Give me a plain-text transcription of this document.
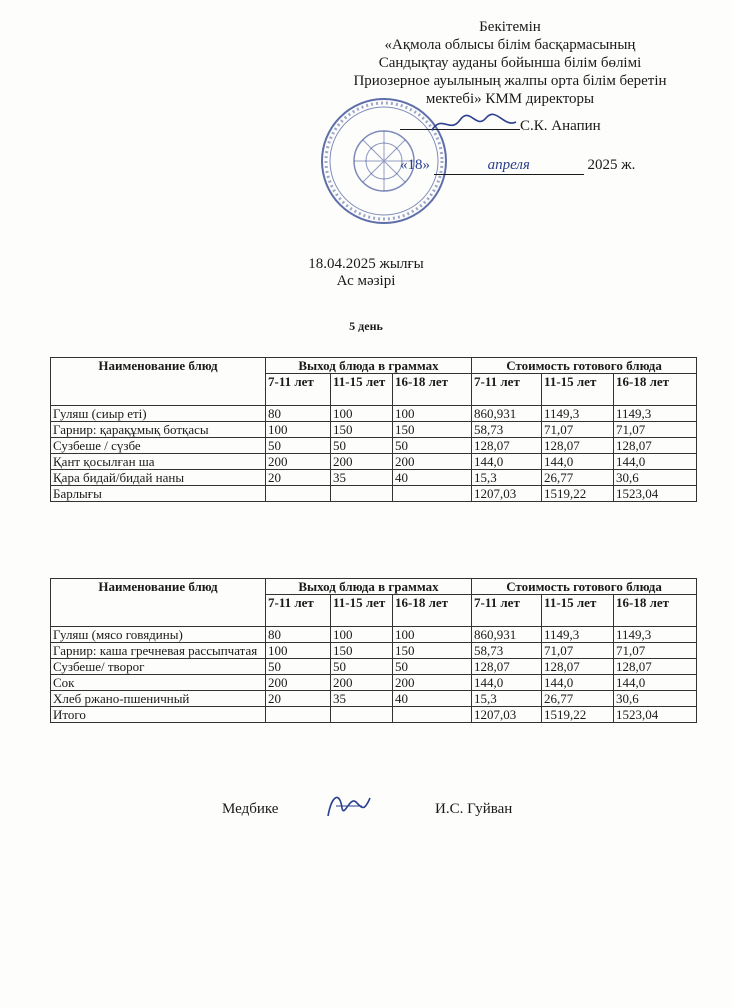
Бекітемін
«Ақмола облысы білім басқармасының
Сандықтау ауданы бойынша білім бөлімі
Приозерное ауылының жалпы орта білім беретін
мектебі» КММ директоры
С.К. Анапин
«18»	апреля	2025 ж.
18.04.2025 жылғы
Ас мәзірі
5 день
Наименование блюд	Выход блюда в граммах			Стоимость готового блюда		
	7-11 лет	11-15 лет	16-18 лет	7-11 лет	11-15 лет	16-18 лет
Гуляш (сиыр еті)	80	100	100	860,931	1149,3	1149,3
Гарнир: қарақұмық ботқасы	100	150	150	58,73	71,07	71,07
Сузбеше / сүзбе	50	50	50	128,07	128,07	128,07
Қант қосылған ша	200	200	200	144,0	144,0	144,0
Қара бидай/бидай наны	20	35	40	15,3	26,77	30,6
Барлығы				1207,03	1519,22	1523,04
Наименование блюд	Выход блюда в граммах			Стоимость готового блюда		
	7-11 лет	11-15 лет	16-18 лет	7-11 лет	11-15 лет	16-18 лет
Гуляш (мясо говядины)	80	100	100	860,931	1149,3	1149,3
Гарнир: каша гречневая рассыпчатая	100	150	150	58,73	71,07	71,07
Сузбеше/ творог	50	50	50	128,07	128,07	128,07
Сок	200	200	200	144,0	144,0	144,0
Хлеб ржано-пшеничный	20	35	40	15,3	26,77	30,6
Итого				1207,03	1519,22	1523,04
Медбике	И.С. Гуйван
